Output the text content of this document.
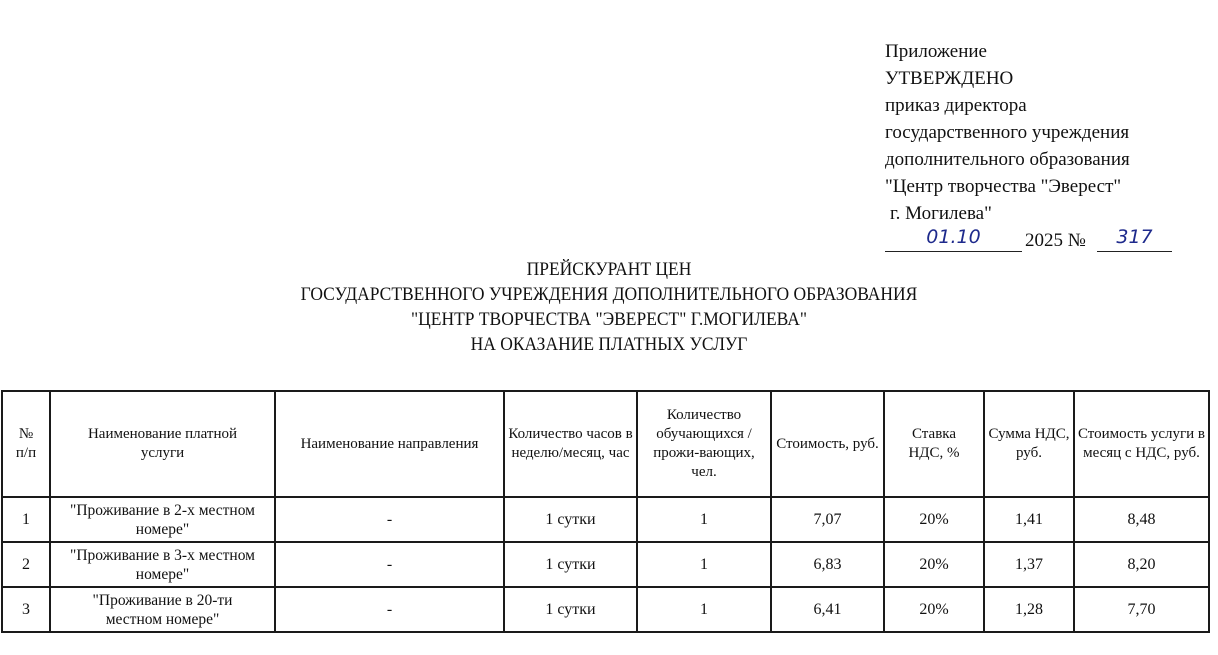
Приложение
УТВЕРЖДЕНО
приказ директора
государственного учреждения
дополнительного образования
"Центр творчества "Эверест"
г. Могилева"
01.10	2025 №	317
ПРЕЙСКУРАНТ ЦЕН
ГОСУДАРСТВЕННОГО УЧРЕЖДЕНИЯ ДОПОЛНИТЕЛЬНОГО ОБРАЗОВАНИЯ
"ЦЕНТР ТВОРЧЕСТВА "ЭВЕРЕСТ" Г.МОГИЛЕВА"
НА ОКАЗАНИЕ ПЛАТНЫХ УСЛУГ
№ п/п	Наименование платной услуги	Наименование направления	Количество часов в неделю/месяц, час	Количество обучающихся /прожи-вающих, чел.	Стоимость, руб.	Ставка НДС, %	Сумма НДС, руб.	Стоимость услуги в месяц с НДС, руб.
1	"Проживание в 2-х местном номере"	-	1 сутки	1	7,07	20%	1,41	8,48
2	"Проживание в 3-х местном номере"	-	1 сутки	1	6,83	20%	1,37	8,20
3	"Проживание в 20-ти местном номере"	-	1 сутки	1	6,41	20%	1,28	7,70
